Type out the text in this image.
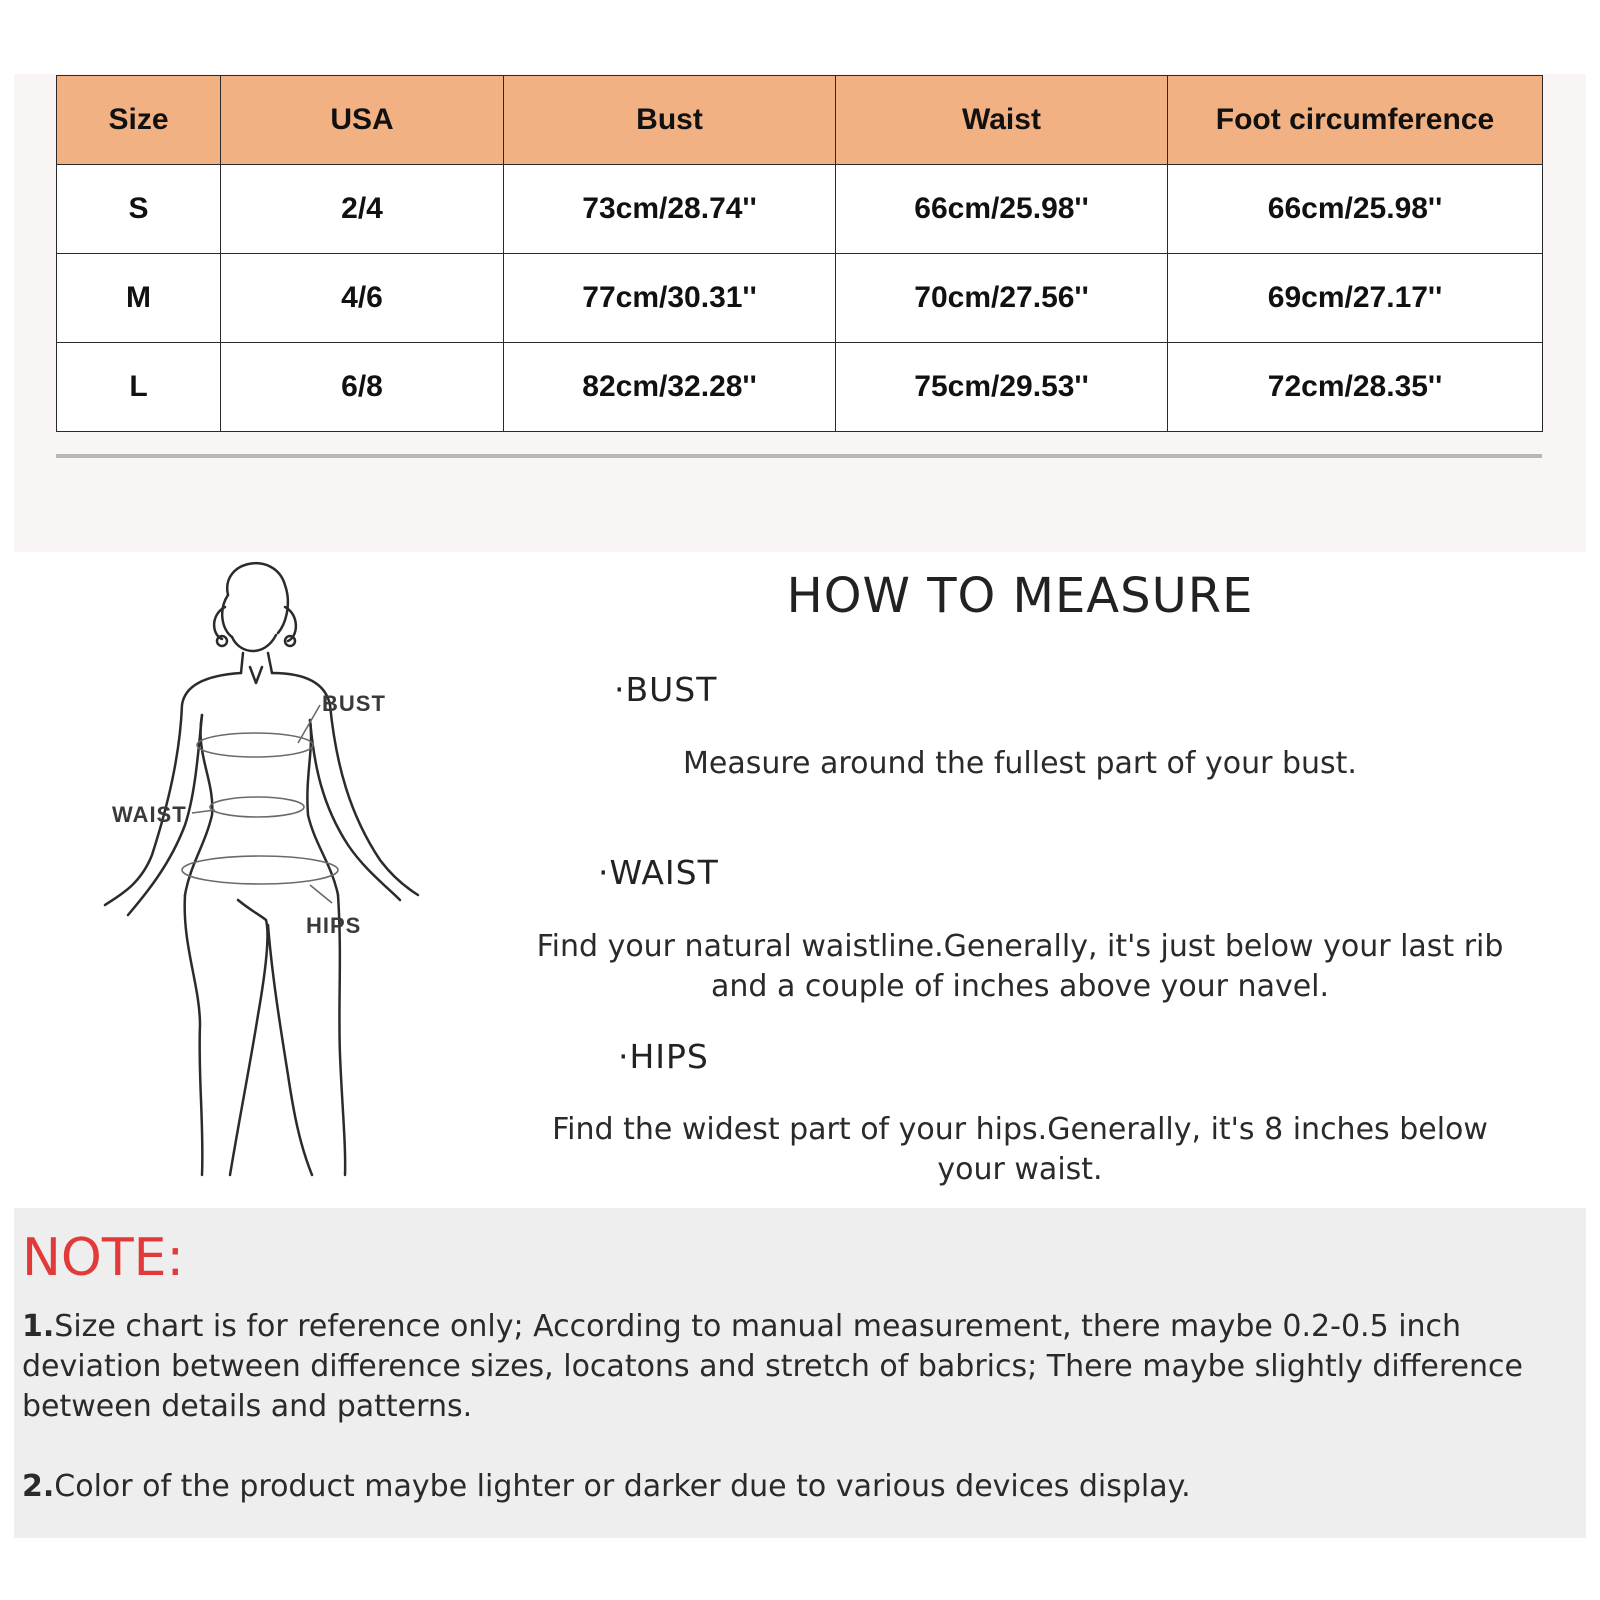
Size	USA	Bust	Waist	Foot circumference
S	2/4	73cm/28.74''	66cm/25.98''	66cm/25.98''
M	4/6	77cm/30.31''	70cm/27.56''	69cm/27.17''
L	6/8	82cm/32.28''	75cm/29.53''	72cm/28.35''
BUST
WAIST
HIPS
HOW TO MEASURE
·BUST
Measure around the fullest part of your bust.
·WAIST
Find your natural waistline.Generally, it's just below your last rib
and a couple of inches above your navel.
·HIPS
Find the widest part of your hips.Generally, it's 8 inches below
your waist.
NOTE:
1.Size chart is for reference only; According to manual measurement, there maybe 0.2-0.5 inch
deviation between difference sizes, locatons and stretch of babrics; There maybe slightly difference
between details and patterns.
2.Color of the product maybe lighter or darker due to various devices display.
